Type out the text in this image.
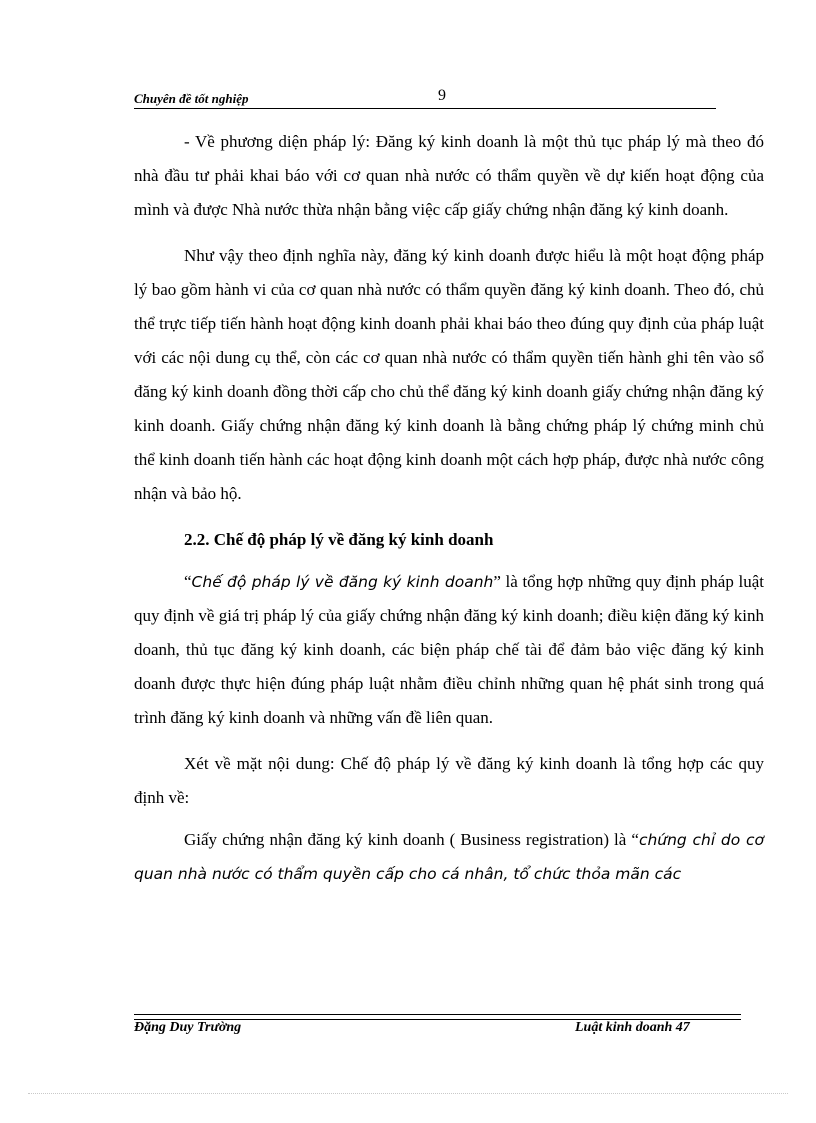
Chuyên đề tốt nghiệp	9

- Về phương diện pháp lý: Đăng ký kinh doanh là một thủ tục pháp lý mà theo đó nhà đầu tư phải khai báo với cơ quan nhà nước có thẩm quyền về dự kiến hoạt động của mình và được Nhà nước thừa nhận bằng việc cấp giấy chứng nhận đăng ký kinh doanh.

Như vậy theo định nghĩa này, đăng ký kinh doanh được hiểu là một hoạt động pháp lý bao gồm hành vi của cơ quan nhà nước có thẩm quyền đăng ký kinh doanh. Theo đó, chủ thể trực tiếp tiến hành hoạt động kinh doanh phải khai báo theo đúng quy định của pháp luật với các nội dung cụ thể, còn các cơ quan nhà nước có thẩm quyền tiến hành ghi tên vào sổ đăng ký kinh doanh đồng thời cấp cho chủ thể đăng ký kinh doanh giấy chứng nhận đăng ký kinh doanh. Giấy chứng nhận đăng ký kinh doanh là bằng chứng pháp lý chứng minh chủ thể kinh doanh tiến hành các hoạt động kinh doanh một cách hợp pháp, được nhà nước công nhận và bảo hộ.

2.2. Chế độ pháp lý về đăng ký kinh doanh

“Chế độ pháp lý về đăng ký kinh doanh” là tổng hợp những quy định pháp luật quy định về giá trị pháp lý của giấy chứng nhận đăng ký kinh doanh; điều kiện đăng ký kinh doanh, thủ tục đăng ký kinh doanh, các biện pháp chế tài để đảm bảo việc đăng ký kinh doanh được thực hiện đúng pháp luật nhằm điều chỉnh những quan hệ phát sinh trong quá trình đăng ký kinh doanh và những vấn đề liên quan.

Xét về mặt nội dung: Chế độ pháp lý về đăng ký kinh doanh là tổng hợp các quy định về:

Giấy chứng nhận đăng ký kinh doanh ( Business registration) là “chứng chỉ do cơ quan nhà nước có thẩm quyền cấp cho cá nhân, tổ chức thỏa mãn các

Đặng Duy Trường	Luật kinh doanh 47
